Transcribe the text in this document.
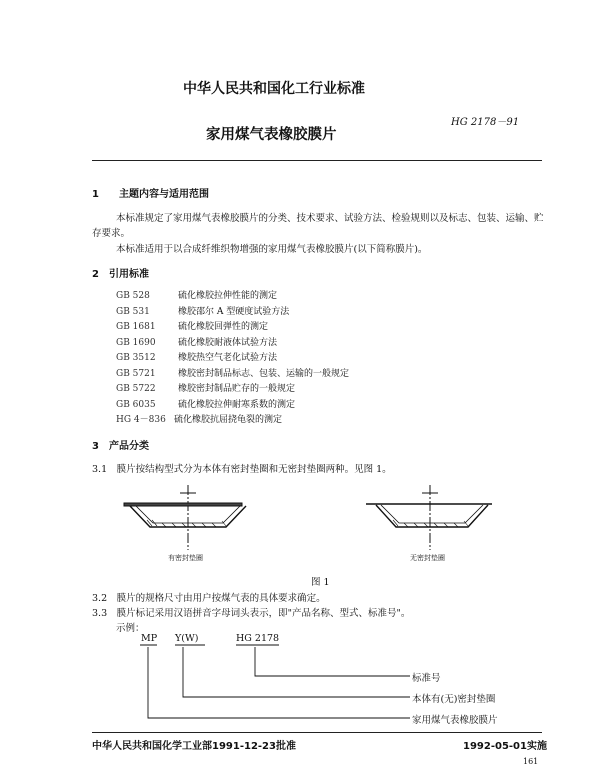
中华人民共和国化工行业标准
HG 2178－91
家用煤气表橡胶膜片
1　　主题内容与适用范围
本标准规定了家用煤气表橡胶膜片的分类、技术要求、试验方法、检验规则以及标志、包装、运输、贮
存要求。
本标准适用于以合成纤维织物增强的家用煤气表橡胶膜片(以下简称膜片)。
2　引用标准
GB 528	硫化橡胶拉伸性能的测定
GB 531	橡胶邵尔 A 型硬度试验方法
GB 1681 硫化橡胶回弹性的测定
GB 1690 硫化橡胶耐液体试验方法
GB 3512 橡胶热空气老化试验方法
GB 5721 橡胶密封制品标志、包装、运输的一般规定
GB 5722 橡胶密封制品贮存的一般规定
GB 6035 硫化橡胶拉伸耐寒系数的测定
HG 4－836 硫化橡胶抗屈挠龟裂的测定
3　产品分类
3.1　膜片按结构型式分为本体有密封垫圈和无密封垫圈两种。见图 1。
有密封垫圈	无密封垫圈
图 1
3.2　膜片的规格尺寸由用户按煤气表的具体要求确定。
3.3　膜片标记采用汉语拼音字母词头表示，即"产品名称、型式、标准号"。
示例：
MP Y(W)	HG 2178
标准号
本体有(无)密封垫圈
家用煤气表橡胶膜片
中华人民共和国化学工业部1991-12-23批准	1992-05-01实施
161
